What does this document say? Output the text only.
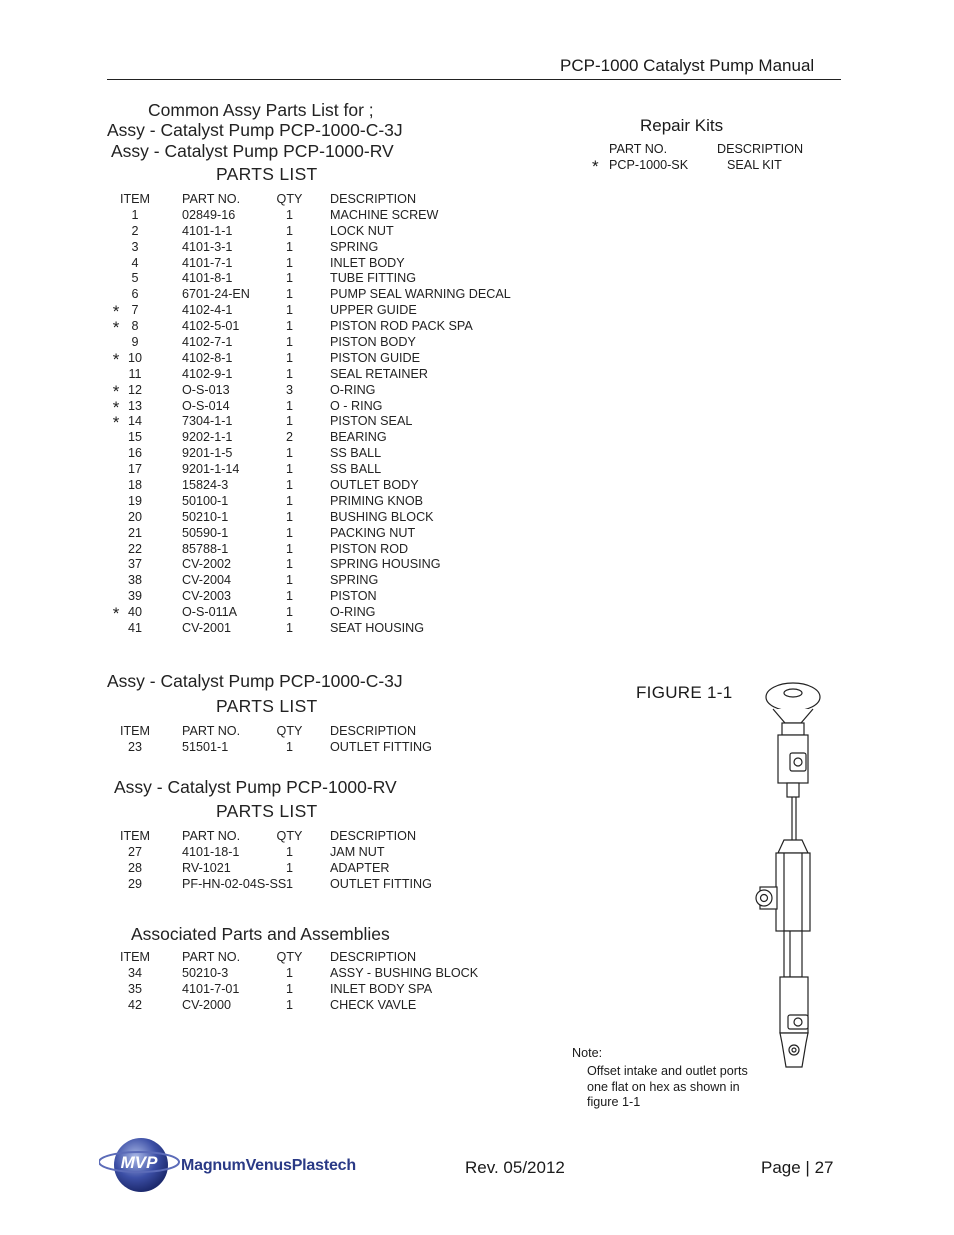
PCP-1000 Catalyst Pump Manual
Common Assy Parts List for ;
Assy - Catalyst Pump PCP-1000-C-3J
Assy - Catalyst Pump PCP-1000-RV
PARTS LIST
ITEM	PART NO.	QTY DESCRIPTION
1	02849-16	1	MACHINE SCREW
2	4101-1-1	1	LOCK NUT
3	4101-3-1	1	SPRING
4	4101-7-1	1	INLET BODY
5	4101-8-1	1	TUBE FITTING
6	6701-24-EN	1	PUMP SEAL WARNING DECAL
* 7	4102-4-1	1	UPPER GUIDE
* 8	4102-5-01	1	PISTON ROD PACK SPA
9	4102-7-1	1	PISTON BODY
* 10	4102-8-1	1	PISTON GUIDE
11	4102-9-1	1	SEAL RETAINER
* 12	O-S-013	3	O-RING
* 13	O-S-014	1	O - RING
* 14	7304-1-1	1	PISTON SEAL
15	9202-1-1	2	BEARING
16	9201-1-5	1	SS BALL
17	9201-1-14	1	SS BALL
18	15824-3	1	OUTLET BODY
19	50100-1	1	PRIMING KNOB
20	50210-1	1	BUSHING BLOCK
21	50590-1	1	PACKING NUT
22	85788-1	1	PISTON ROD
37	CV-2002	1	SPRING HOUSING
38	CV-2004	1	SPRING
39	CV-2003	1	PISTON
* 40	O-S-011A	1	O-RING
41	CV-2001	1	SEAT HOUSING
Assy - Catalyst Pump PCP-1000-C-3J
PARTS LIST
ITEM	PART NO.	QTY DESCRIPTION
23	51501-1	1	OUTLET FITTING
Assy - Catalyst Pump PCP-1000-RV
PARTS LIST
ITEM	PART NO.	QTY DESCRIPTION
27	4101-18-1	1	JAM NUT
28	RV-1021	1	ADAPTER
29	PF-HN-02-04S-SS 1	OUTLET FITTING
Associated Parts and Assemblies
ITEM	PART NO.	QTY DESCRIPTION
34	50210-3	1	ASSY - BUSHING BLOCK
35	4101-7-01	1	INLET BODY SPA
42	CV-2000	1	CHECK VAVLE
Repair Kits
PART NO.	DESCRIPTION
* PCP-1000-SK	SEAL KIT
FIGURE 1-1
Note:
Offset intake and outlet ports
one flat on hex as shown in
figure 1-1
MVP MagnumVenusPlastech	Rev. 05/2012	Page | 27
